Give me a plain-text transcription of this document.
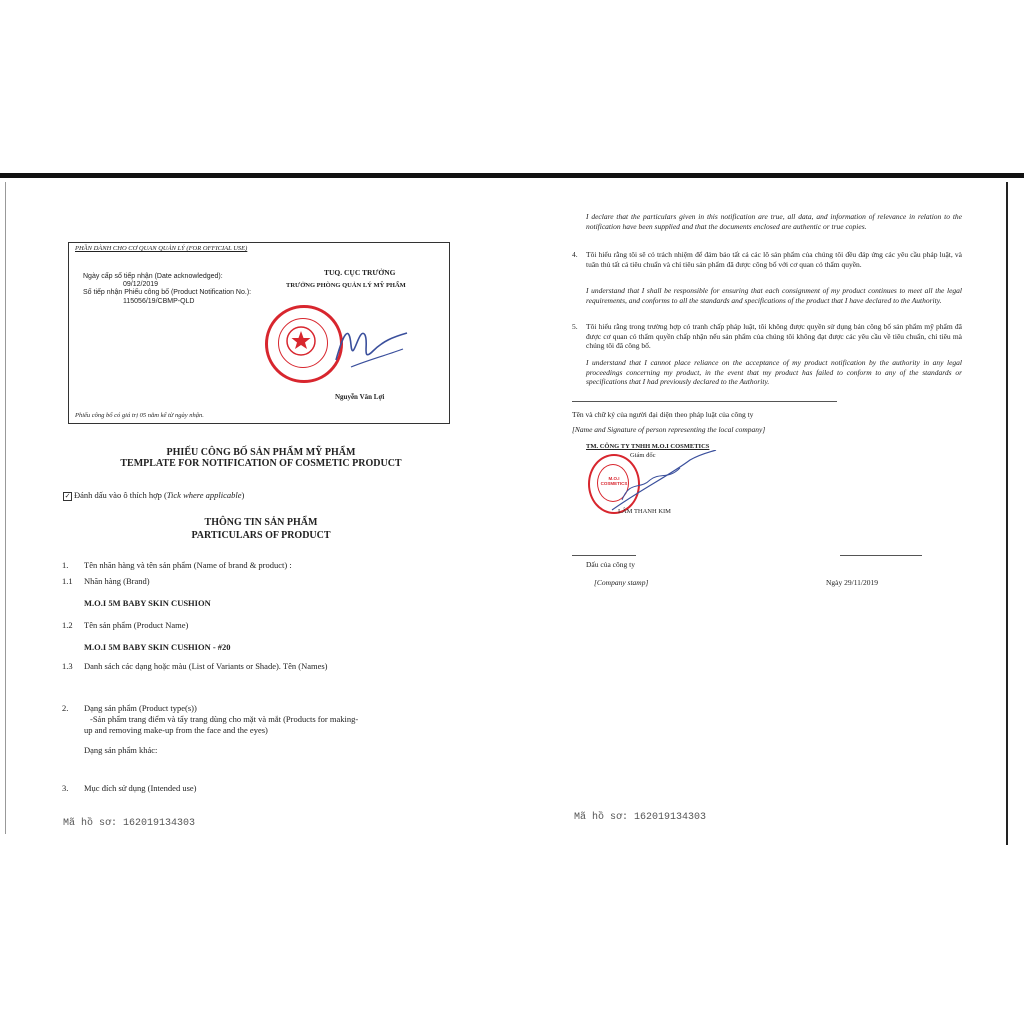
PHẦN DÀNH CHO CƠ QUAN QUẢN LÝ (FOR OFFICIAL USE)
Ngày cấp số tiếp nhận (Date acknowledged):
09/12/2019
Số tiếp nhận Phiếu công bố (Product Notification No.):
115056/19/CBMP-QLD
TUQ. CỤC TRƯỞNG
TRƯỞNG PHÒNG QUẢN LÝ MỸ PHẨM
Nguyễn Văn Lợi
Phiếu công bố có giá trị 05 năm kể từ ngày nhận.
PHIẾU CÔNG BỐ SẢN PHẨM MỸ PHẨM
TEMPLATE FOR NOTIFICATION OF COSMETIC PRODUCT
✓ Đánh dấu vào ô thích hợp (Tick where applicable)
THÔNG TIN SẢN PHẨM
PARTICULARS OF PRODUCT
1. Tên nhãn hàng và tên sản phẩm (Name of brand & product) :
1.1 Nhãn hàng (Brand)
M.O.I 5M BABY SKIN CUSHION
1.2 Tên sản phẩm (Product Name)
M.O.I 5M BABY SKIN CUSHION - #20
1.3 Danh sách các dạng hoặc màu (List of Variants or Shade). Tên (Names)
2. Dạng sản phẩm (Product type(s))
-Sản phẩm trang điểm và tẩy trang dùng cho mặt và mắt (Products for making-
up and removing make-up from the face and the eyes)
Dạng sản phẩm khác:
3. Mục đích sử dụng (Intended use)
Mã hồ sơ: 162019134303
I declare that the particulars given in this notification are true, all data, and information of relevance in relation to the notification have been supplied and that the documents enclosed are authentic or true copies.
4. Tôi hiểu rằng tôi sẽ có trách nhiệm để đảm bảo tất cả các lô sản phẩm của chúng tôi đều đáp ứng các yêu cầu pháp luật, và tuân thủ tất cả tiêu chuẩn và chỉ tiêu sản phẩm đã được công bố với cơ quan có thẩm quyền.
I understand that I shall be responsible for ensuring that each consignment of my product continues to meet all the legal requirements, and conforms to all the standards and specifications of the product that I have declared to the Authority.
5. Tôi hiểu rằng trong trường hợp có tranh chấp pháp luật, tôi không được quyền sử dụng bản công bố sản phẩm mỹ phẩm đã được cơ quan có thẩm quyền chấp nhận nếu sản phẩm của chúng tôi không đạt được các yêu cầu về tiêu chuẩn, chỉ tiêu mà chúng tôi đã công bố.
I understand that I cannot place reliance on the acceptance of my product notification by the authority in any legal proceedings concerning my product, in the event that my product has failed to conform to any of the standards or specifications that I had previously declared to the Authority.
Tên và chữ ký của người đại diện theo pháp luật của công ty
[Name and Signature of person representing the local company]
TM. CÔNG TY TNHH M.O.I COSMETICS
Giám đốc
M.O.I COSMETICS
LÂM THANH KIM
Dấu của công ty
[Company stamp]	Ngày 29/11/2019
Mã hồ sơ: 162019134303
